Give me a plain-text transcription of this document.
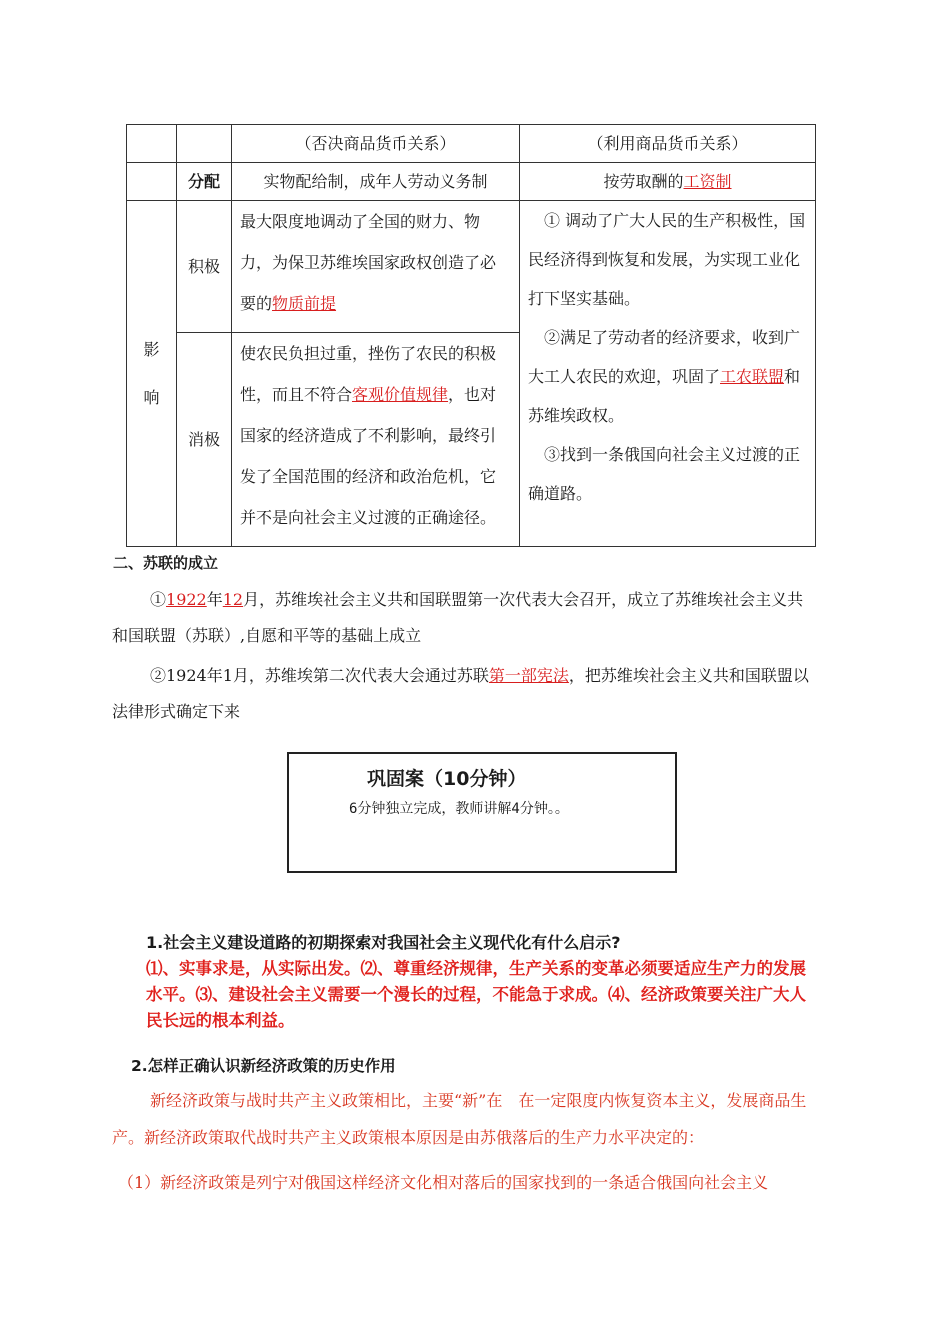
		（否决商品货币关系）	（利用商品货币关系）
	分配	实物配给制，成年人劳动义务制	按劳取酬的工资制
影响	积极	最大限度地调动了全国的财力、物力，为保卫苏维埃国家政权创造了必要的物质前提	① 调动了广大人民的生产积极性，国民经济得到恢复和发展，为实现工业化打下坚实基础。
②满足了劳动者的经济要求，收到广大工人农民的欢迎，巩固了工农联盟和苏维埃政权。
③找到一条俄国向社会主义过渡的正确道路。

	消极	使农民负担过重，挫伤了农民的积极性，而且不符合客观价值规律，也对国家的经济造成了不利影响，最终引发了全国范围的经济和政治危机，它并不是向社会主义过渡的正确途径。	
二、苏联的成立
①1922年12月，苏维埃社会主义共和国联盟第一次代表大会召开，成立了苏维埃社会主义共和国联盟（苏联）,自愿和平等的基础上成立
②1924年1月，苏维埃第二次代表大会通过苏联第一部宪法，把苏维埃社会主义共和国联盟以法律形式确定下来
巩固案（10分钟）
6分钟独立完成，教师讲解4分钟。。
1.社会主义建设道路的初期探索对我国社会主义现代化有什么启示?
⑴、实事求是，从实际出发。⑵、尊重经济规律，生产关系的变革必须要适应生产力的发展水平。⑶、建设社会主义需要一个漫长的过程，不能急于求成。⑷、经济政策要关注广大人民长远的根本利益。
2.怎样正确认识新经济政策的历史作用
新经济政策与战时共产主义政策相比，主要“新”在　在一定限度内恢复资本主义，发展商品生产。新经济政策取代战时共产主义政策根本原因是由苏俄落后的生产力水平决定的：
（1）新经济政策是列宁对俄国这样经济文化相对落后的国家找到的一条适合俄国向社会主义
